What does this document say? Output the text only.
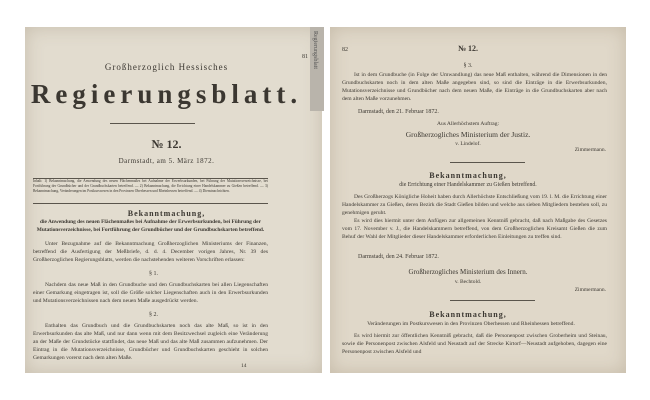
81
Großherzoglich Hessisches
Regierungsblatt.
№ 12.
Darmstadt, am 5. März 1872.
Inhalt: 1) Bekanntmachung, die Anwendung des neuen Flächenmaßes bei Aufnahme der Erwerbsurkunden, bei Führung der Mutationsverzeichnisse, bei Fortführung der Grundbücher und der Grundbuchskarten betreffend. — 2) Bekanntmachung, die Errichtung einer Handelskammer zu Gießen betreffend. — 3) Bekanntmachung, Veränderungen im Postkurswesen in den Provinzen Oberhessen und Rheinhessen betreffend. — 4) Dienstnachrichten.
Bekanntmachung,
die Anwendung des neuen Flächenmaßes bei Aufnahme der Erwerbsurkunden, bei Führung der Mutationsverzeichnisse, bei Fortführung der Grundbücher und der Grundbuchskarten betreffend.
Unter Bezugnahme auf die Bekanntmachung Großherzoglichen Ministeriums der Finanzen, betreffend die Ausfertigung der Meßbriefe, d. d. 4. December vorigen Jahres, Nr. 39 des Großherzoglichen Regierungsblatts, werden die nachstehenden weiteren Vorschriften erlassen:
§ 1.
Nachdem das neue Maß in den Grundbuche und den Grundbuchskarten bei allen Liegenschaften einer Gemarkung eingetragen ist, soll die Größe solcher Liegenschaften auch in den Erwerbsurkunden und Mutationsverzeichnissen nach dem neuen Maße ausgedrückt werden.
§ 2.
Enthalten das Grundbuch und die Grundbuchskarten noch das alte Maß, so ist in den Erwerbsurkunden das alte Maß, und nur dann wenn mit dem Besitzwechsel zugleich eine Veränderung an der Maße der Grundstücke stattfindet, das neue Maß und das alte Maß zusammen aufzunehmen. Der Eintrag in die Mutationsverzeichnisse, Grundbücher und Grundbuchskarten geschieht in solchen Gemarkungen vorerst nach dem alten Maße.
14
Regierungsblatt	82	№ 12.
§ 3.
Ist in dem Grundbuche (in Folge der Umwandlung) das neue Maß enthalten, während die Dimensionen in den Grundbuchskarten noch in dem alten Maße angegeben sind, so sind die Einträge in die Erwerbsurkunden, Mutationsverzeichnisse und Grundbücher nach dem neuen Maße, die Einträge in die Grundbuchskarten aber nach dem alten Maße vorzunehmen.
Darmstadt, den 21. Februar 1872.
Aus Allerhöchstem Auftrag:
Großherzogliches Ministerium der Justiz.
v. Lindelof.
Zimmermann.
Bekanntmachung,
die Errichtung einer Handelskammer zu Gießen betreffend.
Des Großherzogs Königliche Hoheit haben durch Allerhöchste Entschließung vom 19. l. M. die Errichtung einer Handelskammer zu Gießen, deren Bezirk die Stadt Gießen bilden und welche aus sieben Mitgliedern bestehen soll, zu genehmigen geruht.
Es wird dies hiermit unter dem Anfügen zur allgemeinen Kenntniß gebracht, daß nach Maßgabe des Gesetzes vom 17. November v. J., die Handelskammern betreffend, von dem Großherzoglichen Kreisamt Gießen die zum Behuf der Wahl der Mitglieder dieser Handelskammer erforderlichen Einleitungen zu treffen sind.
Darmstadt, den 24. Februar 1872.
Großherzogliches Ministerium des Innern.
v. Bechtold.
Zimmermann.
Bekanntmachung,
Veränderungen im Postkurswesen in den Provinzen Oberhessen und Rheinhessen betreffend.
Es wird hiermit zur öffentlichen Kenntniß gebracht, daß die Personenpost zwischen Groberheim und Steinau, sowie die Personenpost zwischen Alsfeld und Neustadt auf der Strecke Kirtorf—Neustadt aufgehoben, dagegen eine Personenpost zwischen Alsfeld und
